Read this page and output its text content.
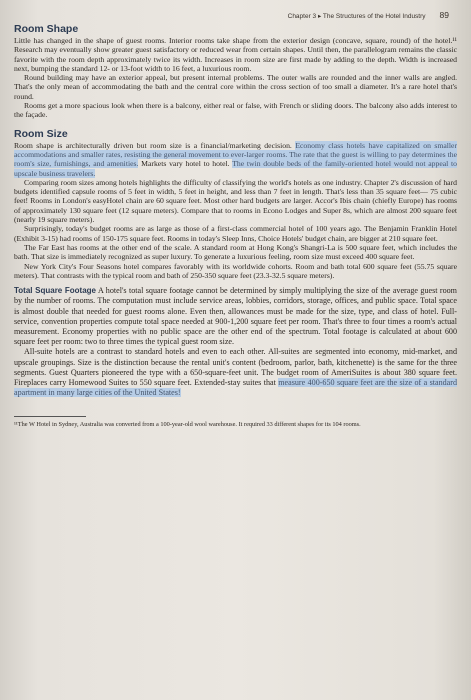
Chapter 3 ▸ The Structures of the Hotel Industry 89
Room Shape

Little has changed in the shape of guest rooms. Interior rooms take shape from the exterior design (concave, square, round) of the hotel.¹¹ Research may eventually show greater guest satisfactory or reduced wear from certain shapes. Until then, the parallelogram remains the classic favorite with the room depth approximately twice its width. Increases in room size are first made by adding to the depth. Width is increased next, bumping the standard 12- or 13-foot width to 16 feet, a luxurious room.

Round building may have an exterior appeal, but present internal problems. The outer walls are rounded and the inner walls are angled. That's the only mean of accommodating the bath and the central core within the cross section of too small a diameter. It's a rare hotel that's round.

Rooms get a more spacious look when there is a balcony, either real or false, with French or sliding doors. The balcony also adds interest to the façade.

Room Size

Room shape is architecturally driven but room size is a financial/marketing decision. Economy class hotels have capitalized on smaller accommodations and smaller rates, resisting the general movement to ever-larger rooms. The rate that the guest is willing to pay determines the room's size, furnishings, and amenities. Markets vary hotel to hotel. The twin double beds of the family-oriented hotel would not appeal to upscale business travelers.

Comparing room sizes among hotels highlights the difficulty of classifying the world's hotels as one industry. Chapter 2's discussion of hard budgets identified capsule rooms of 5 feet in width, 5 feet in height, and less than 7 feet in length. That's less than 35 square feet— 75 cubic feet! Rooms in London's easyHotel chain are 60 square feet. Most other hard budgets are larger. Accor's Ibis chain (chiefly Europe) has rooms of approximately 130 square feet (12 square meters). Compare that to rooms in Econo Lodges and Super 8s, which are almost 200 square feet (nearly 19 square meters).

Surprisingly, today's budget rooms are as large as those of a first-class commercial hotel of 100 years ago. The Benjamin Franklin Hotel (Exhibit 3-15) had rooms of 150-175 square feet. Rooms in today's Sleep Inns, Choice Hotels' budget chain, are bigger at 210 square feet.

The Far East has rooms at the other end of the scale. A standard room at Hong Kong's Shangri-La is 500 square feet, which includes the bath. That size is immediately recognized as super luxury. To generate a luxurious feeling, room size must exceed 400 square feet.

New York City's Four Seasons hotel compares favorably with its worldwide cohorts. Room and bath total 600 square feet (55.75 square meters). That contrasts with the typical room and bath of 250-350 square feet (23.3-32.5 square meters).

Total Square Footage A hotel's total square footage cannot be determined by simply multiplying the size of the average guest room by the number of rooms. The computation must include service areas, lobbies, corridors, storage, offices, and public space. Total space is almost double that needed for guest rooms alone. Even then, allowances must be made for the size, type, and class of hotel. Full-service, convention properties compute total space needed at 900-1,200 square feet per room. That's three to four times a room's actual measurement. Economy properties with no public space are the other end of the spectrum. Total footage is calculated at about 600 square feet per room: two to three times the typical guest room size.

All-suite hotels are a contrast to standard hotels and even to each other. All-suites are segmented into economy, mid-market, and upscale groupings. Size is the distinction because the rental unit's content (bedroom, parlor, bath, kitchenette) is the same for the three segments. Guest Quarters pioneered the type with a 650-square-feet unit. The budget room of AmeriSuites is about 380 square feet. Fireplaces carry Homewood Suites to 550 square feet. Extended-stay suites that measure 400-650 square feet are the size of a standard apartment in many large cities of the United States!

¹¹The W Hotel in Sydney, Australia was converted from a 100-year-old wool warehouse. It required 33 different shapes for its 104 rooms.
